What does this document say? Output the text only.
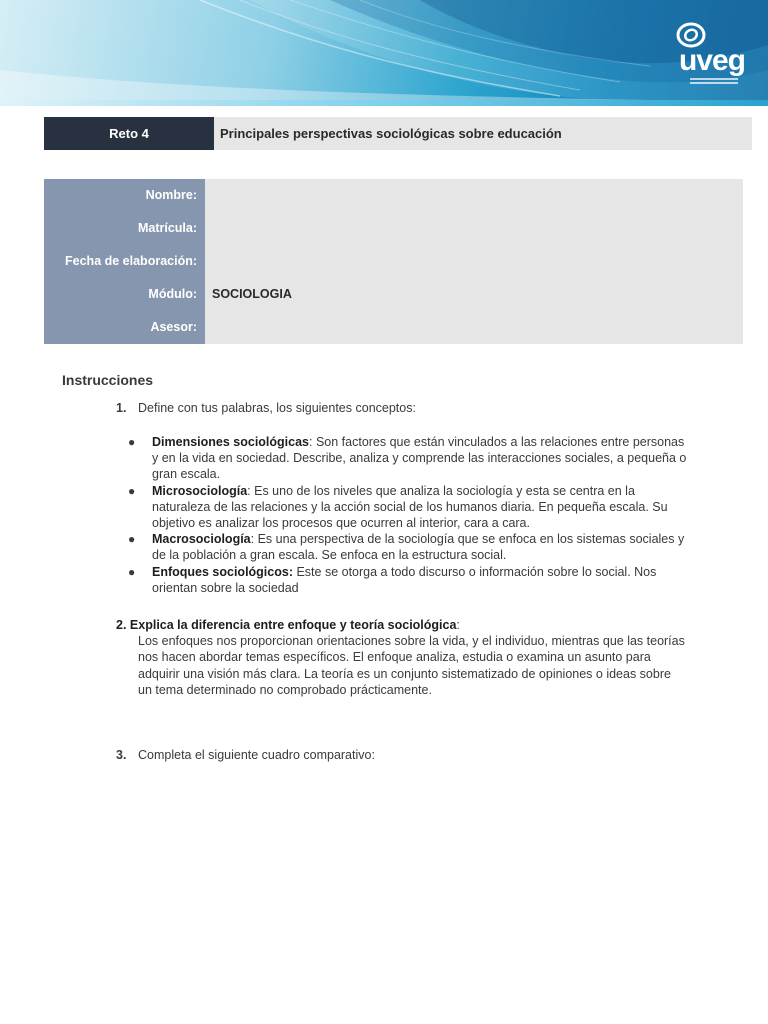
uveg
Reto 4	Principales perspectivas sociológicas sobre educación
Nombre:
Matrícula:
Fecha de elaboración:
Módulo: SOCIOLOGIA
Asesor:
Instrucciones
1. Define con tus palabras, los siguientes conceptos:
● Dimensiones sociológicas: Son factores que están vinculados a las relaciones entre personas y en la vida en sociedad. Describe, analiza y comprende las interacciones sociales, a pequeña o gran escala.
● Microsociología: Es uno de los niveles que analiza la sociología y esta se centra en la naturaleza de las relaciones y la acción social de los humanos diaria. En pequeña escala. Su objetivo es analizar los procesos que ocurren al interior, cara a cara.
● Macrosociología: Es una perspectiva de la sociología que se enfoca en los sistemas sociales y de la población a gran escala. Se enfoca en la estructura social.
● Enfoques sociológicos: Este se otorga a todo discurso o información sobre lo social. Nos orientan sobre la sociedad
2. Explica la diferencia entre enfoque y teoría sociológica:
Los enfoques nos proporcionan orientaciones sobre la vida, y el individuo, mientras que las teorías nos hacen abordar temas específicos. El enfoque analiza, estudia o examina un asunto para adquirir una visión más clara. La teoría es un conjunto sistematizado de opiniones o ideas sobre un tema determinado no comprobado prácticamente.
3. Completa el siguiente cuadro comparativo:
